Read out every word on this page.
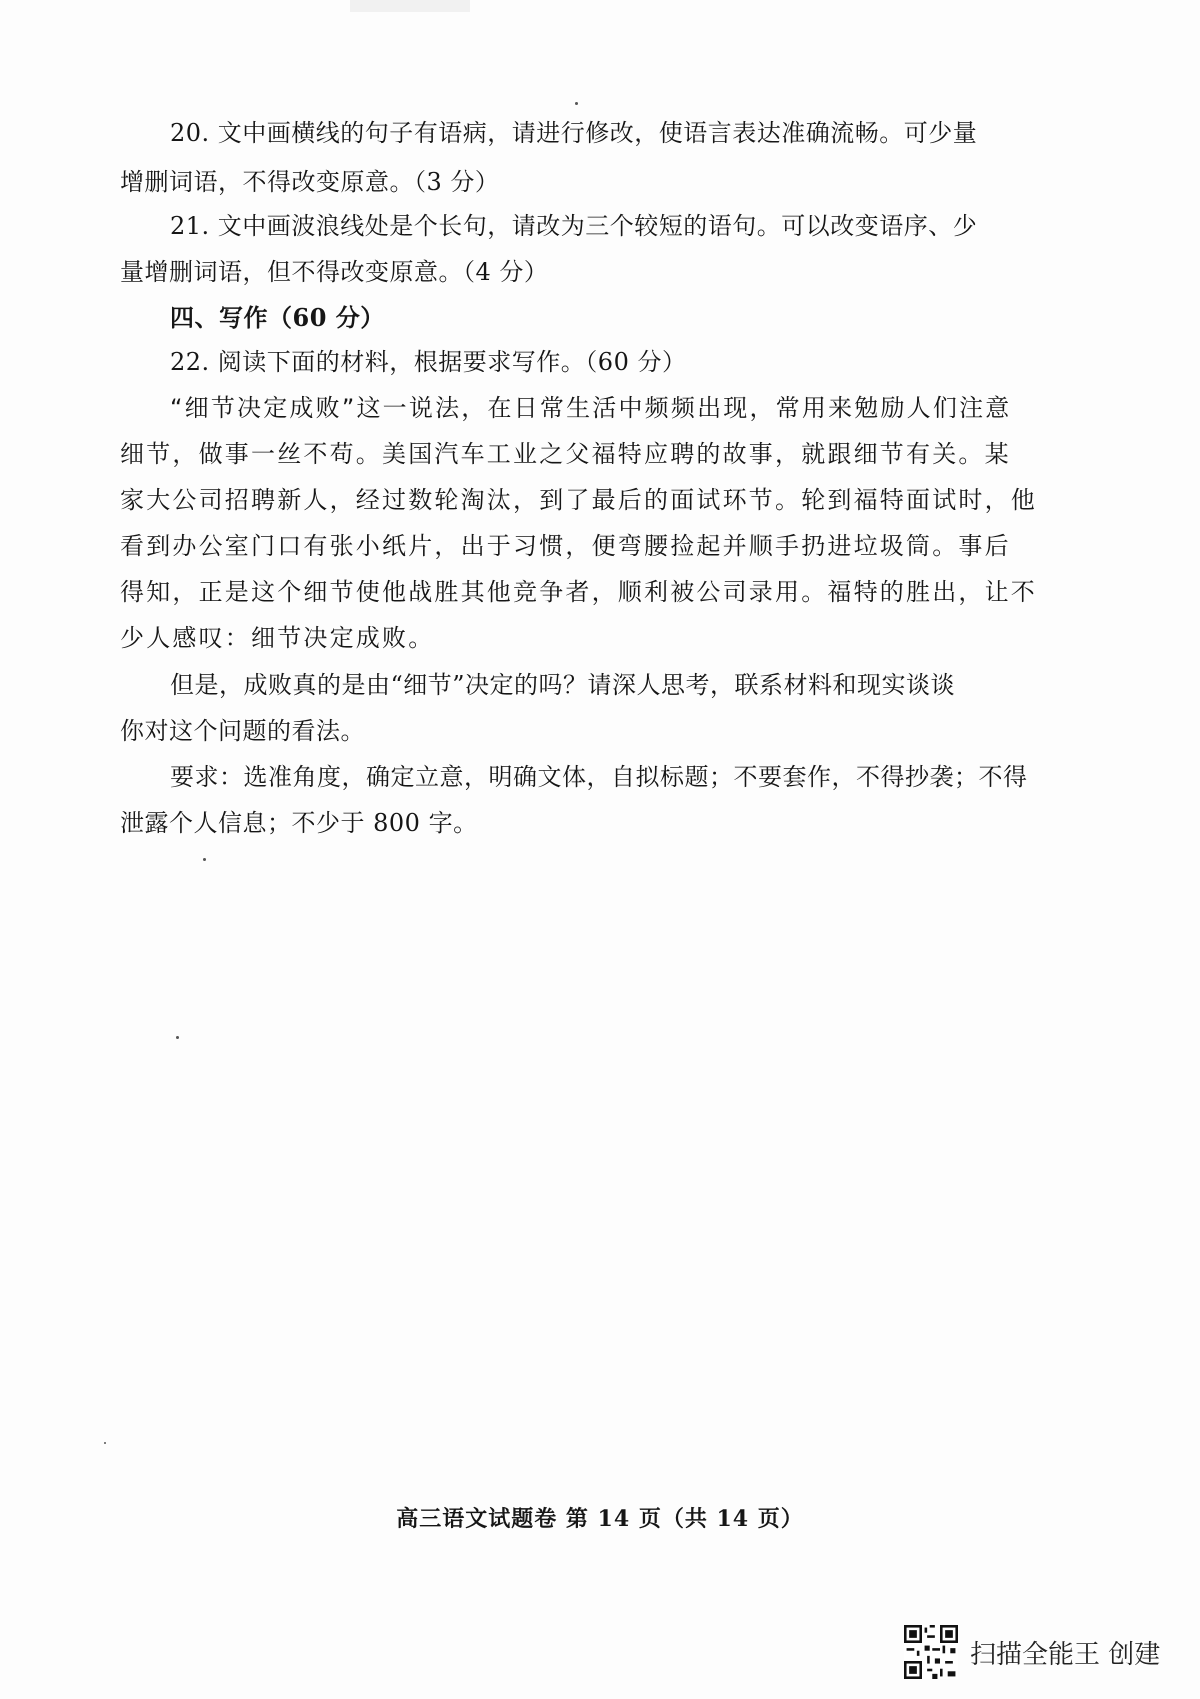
20. 文中画横线的句子有语病，请进行修改，使语言表达准确流畅。可少量
增删词语，不得改变原意。（3 分）
21. 文中画波浪线处是个长句，请改为三个较短的语句。可以改变语序、少
量增删词语，但不得改变原意。（4 分）
四、写作（60 分）
22. 阅读下面的材料，根据要求写作。（60 分）
“细节决定成败”这一说法，在日常生活中频频出现，常用来勉励人们注意
细节，做事一丝不苟。美国汽车工业之父福特应聘的故事，就跟细节有关。某
家大公司招聘新人，经过数轮淘汰，到了最后的面试环节。轮到福特面试时，他
看到办公室门口有张小纸片，出于习惯，便弯腰捡起并顺手扔进垃圾筒。事后
得知，正是这个细节使他战胜其他竞争者，顺利被公司录用。福特的胜出，让不
少人感叹：细节决定成败。
但是，成败真的是由“细节”决定的吗？请深人思考，联系材料和现实谈谈
你对这个问题的看法。
要求：选准角度，确定立意，明确文体，自拟标题；不要套作，不得抄袭；不得
泄露个人信息；不少于 800 字。
高三语文试题卷 第 14 页（共 14 页）
扫描全能王 创建
